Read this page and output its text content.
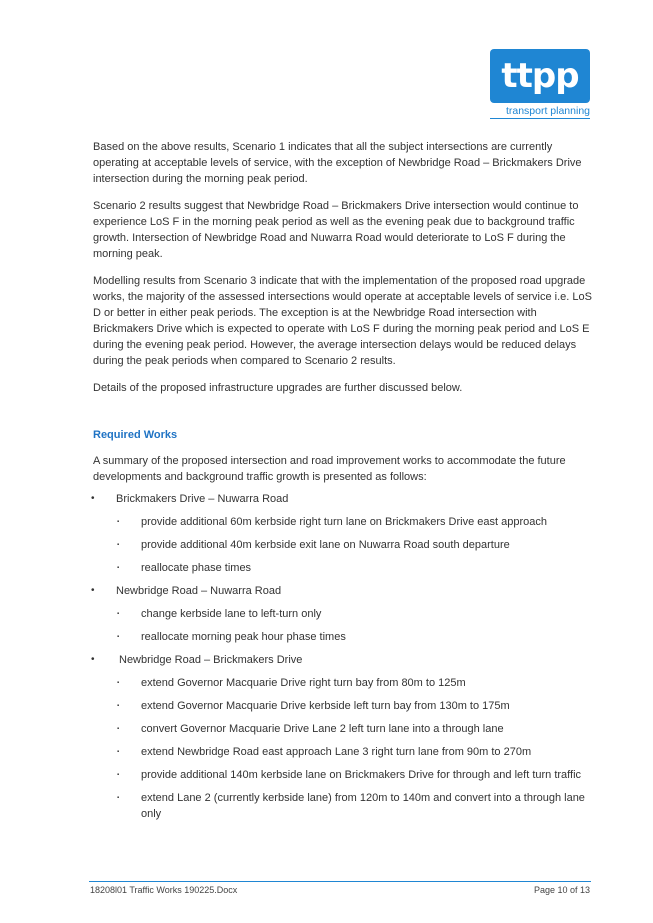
ttpp
transport planning

Based on the above results, Scenario 1 indicates that all the subject intersections are currently operating at acceptable levels of service, with the exception of Newbridge Road – Brickmakers Drive intersection during the morning peak period.

Scenario 2 results suggest that Newbridge Road – Brickmakers Drive intersection would continue to experience LoS F in the morning peak period as well as the evening peak due to background traffic growth. Intersection of Newbridge Road and Nuwarra Road would deteriorate to LoS F during the morning peak.

Modelling results from Scenario 3 indicate that with the implementation of the proposed road upgrade works, the majority of the assessed intersections would operate at acceptable levels of service i.e. LoS D or better in either peak periods. The exception is at the Newbridge Road intersection with Brickmakers Drive which is expected to operate with LoS F during the morning peak period and LoS E during the evening peak period. However, the average intersection delays would be reduced delays during the peak periods when compared to Scenario 2 results.

Details of the proposed infrastructure upgrades are further discussed below.

Required Works

A summary of the proposed intersection and road improvement works to accommodate the future developments and background traffic growth is presented as follows:

• Brickmakers Drive – Nuwarra Road
▪ provide additional 60m kerbside right turn lane on Brickmakers Drive east approach
▪ provide additional 40m kerbside exit lane on Nuwarra Road south departure
▪ reallocate phase times
• Newbridge Road – Nuwarra Road
▪ change kerbside lane to left-turn only
▪ reallocate morning peak hour phase times
• Newbridge Road – Brickmakers Drive
▪ extend Governor Macquarie Drive right turn bay from 80m to 125m
▪ extend Governor Macquarie Drive kerbside left turn bay from 130m to 175m
▪ convert Governor Macquarie Drive Lane 2 left turn lane into a through lane
▪ extend Newbridge Road east approach Lane 3 right turn lane from 90m to 270m
▪ provide additional 140m kerbside lane on Brickmakers Drive for through and left turn traffic
▪ extend Lane 2 (currently kerbside lane) from 120m to 140m and convert into a through lane only
18208l01 Traffic Works 190225.Docx	Page 10 of 13
